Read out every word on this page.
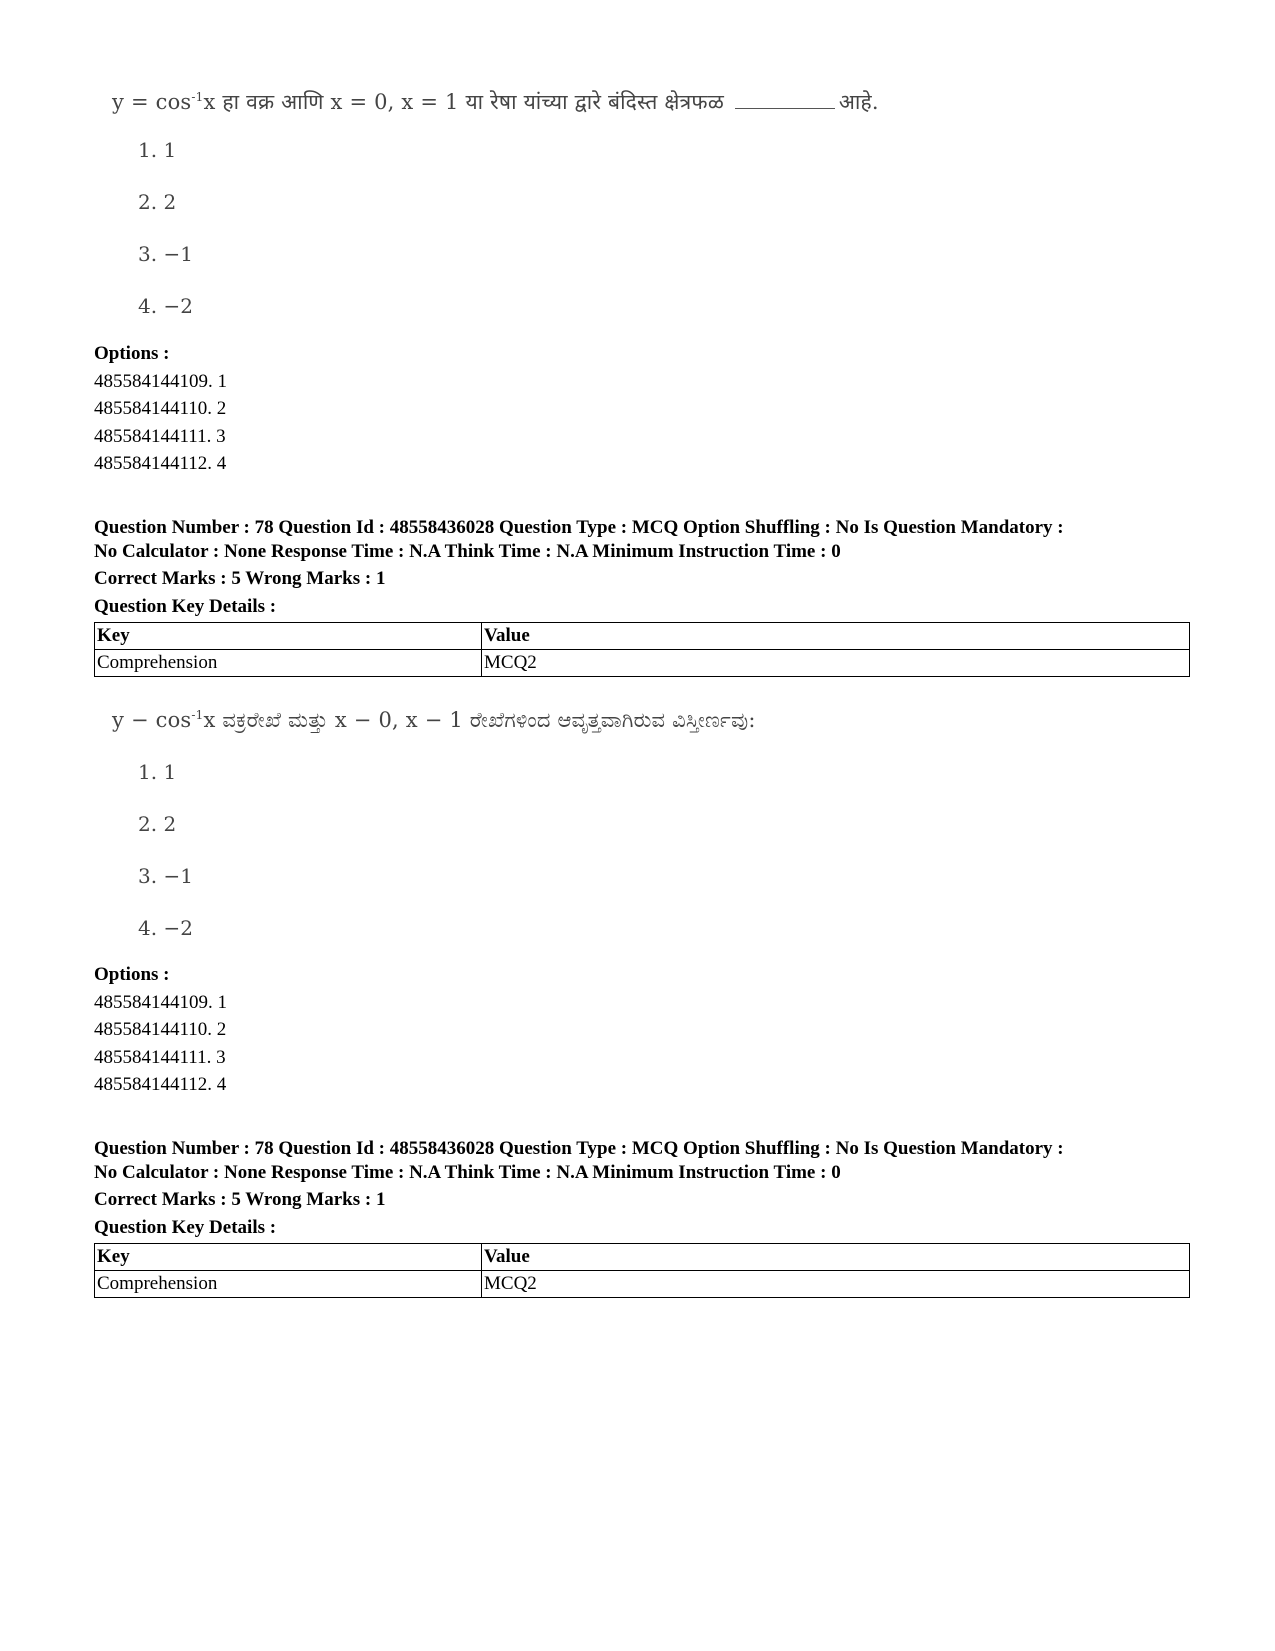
$y = \cos^{-1}x$ हा वक्र आणि x = 0, x = 1 या रेषा यांच्या द्वारे बंदिस्त क्षेत्रफळ	आहे.
1. 1
2. 2
3. −1
4. −2
Options :
485584144109. 1
485584144110. 2
485584144111. 3
485584144112. 4
Question Number : 78 Question Id : 48558436028 Question Type : MCQ Option Shuffling : No Is Question Mandatory :
No Calculator : None Response Time : N.A Think Time : N.A Minimum Instruction Time : 0
Correct Marks : 5 Wrong Marks : 1
Question Key Details :
Key	Value
Comprehension	MCQ2
$y - \cos^{-1}x$ ವಕ್ರರೇಖೆ ಮತ್ತು x − 0, x − 1 ರೇಖೆಗಳಿಂದ ಆವೃತ್ತವಾಗಿರುವ ವಿಸ್ತೀರ್ಣವು:
1. 1
2. 2
3. −1
4. −2
Options :
485584144109. 1
485584144110. 2
485584144111. 3
485584144112. 4
Question Number : 78 Question Id : 48558436028 Question Type : MCQ Option Shuffling : No Is Question Mandatory :
No Calculator : None Response Time : N.A Think Time : N.A Minimum Instruction Time : 0
Correct Marks : 5 Wrong Marks : 1
Question Key Details :
Key	Value
Comprehension	MCQ2
